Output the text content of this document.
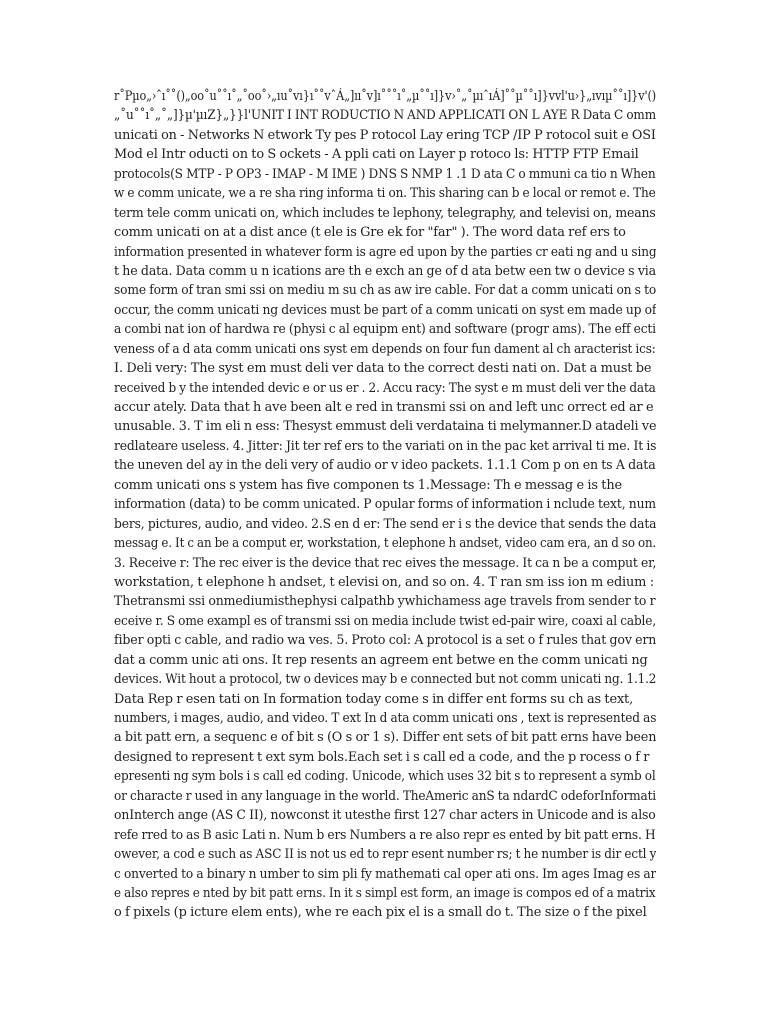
r˚Pµo„›ˆı˚˚()„oo˚u˚˚ı˚„˚oo˚›„ıu˚vı}ı˚˚vˆÁ„]ıı˚v]ı˚˚˚ı˚„µ˚˚ı]}v›˚„˚µıˆıÁ]˚˚µ˚˚ı]}vvl'u›}„ıvıµ˚˚ı]}v'()
„˚u˚˚ı˚„˚„]}µ'µıZ}„}}l'UNIT I INT RODUCTIO N AND APPLICATI ON L AYE R Data C omm
unicati on - Networks N etwork Ty pes P rotocol Lay ering TCP /IP P rotocol suit e OSI
Mod el Intr oducti on to S ockets - A ppli cati on Layer p rotoco ls: HTTP FTP Email
protocols(S MTP - P OP3 - IMAP - M IME ) DNS S NMP 1 .1 D ata C o mmuni ca tio n When
w e comm unicate, we a re sha ring informa ti on. This sharing can b e local or remot e. The
term tele comm unicati on, which includes te lephony, telegraphy, and televisi on, means
comm unicati on at a dist ance (t ele is Gre ek for "far" ). The word data ref ers to
information presented in whatever form is agre ed upon by the parties cr eati ng and u sing
t he data. Data comm u n ications are th e exch an ge of d ata betw een tw o device s via
some form of tran smi ssi on mediu m su ch as aw ire cable. For dat a comm unicati on s to
occur, the comm unicati ng devices must be part of a comm unicati on syst em made up of
a combi nat ion of hardwa re (physi c al equipm ent) and software (progr ams). The eff ecti
veness of a d ata comm unicati ons syst em depends on four fun dament al ch aracterist ics:
I. Deli very: The syst em must deli ver data to the correct desti nati on. Dat a must be
received b y the intended devic e or us er . 2. Accu racy: The syst e m must deli ver the data
accur ately. Data that h ave been alt e red in transmi ssi on and left unc orrect ed ar e
unusable. 3. T im eli n ess: Thesyst emmust deli verdataina ti melymanner.D atadeli ve
redlateare useless. 4. Jitter: Jit ter ref ers to the variati on in the pac ket arrival ti me. It is
the uneven del ay in the deli very of audio or v ideo packets. 1.1.1 Com p on en ts A data
comm unicati ons s ystem has five componen ts 1.Message: Th e messag e is the
information (data) to be comm unicated. P opular forms of information i nclude text, num
bers, pictures, audio, and video. 2.S en d er: The send er i s the device that sends the data
messag e. It c an be a comput er, workstation, t elephone h andset, video cam era, an d so on.
3. Receive r: The rec eiver is the device that rec eives the message. It ca n be a comput er,
workstation, t elephone h andset, t elevisi on, and so on. 4. T ran sm iss ion m edium :
Thetransmi ssi onmediumisthephysi calpathb ywhichamess age travels from sender to r
eceive r. S ome exampl es of transmi ssi on media include twist ed-pair wire, coaxi al cable,
fiber opti c cable, and radio wa ves. 5. Proto col: A protocol is a set o f rules that gov ern
dat a comm unic ati ons. It rep resents an agreem ent betwe en the comm unicati ng
devices. Wit hout a protocol, tw o devices may b e connected but not comm unicati ng. 1.1.2
Data Rep r esen tati on In formation today come s in differ ent forms su ch as text,
numbers, i mages, audio, and video. T ext In d ata comm unicati ons , text is represented as
a bit patt ern, a sequenc e of bit s (O s or 1 s). Differ ent sets of bit patt erns have been
designed to represent t ext sym bols.Each set i s call ed a code, and the p rocess o f r
epresenti ng sym bols i s call ed coding. Unicode, which uses 32 bit s to represent a symb ol
or characte r used in any language in the world. TheAmeric anS ta ndardC odeforInformati
onInterch ange (AS C II), nowconst it utesthe first 127 char acters in Unicode and is also
refe rred to as B asic Lati n. Num b ers Numbers a re also repr es ented by bit patt erns. H
owever, a cod e such as ASC II is not us ed to repr esent number rs; t he number is dir ectl y
c onverted to a binary n umber to sim pli fy mathemati cal oper ati ons. Im ages Imag es ar
e also repres e nted by bit patt erns. In it s simpl est form, an image is compos ed of a matrix
o f pixels (p icture elem ents), whe re each pix el is a small do t. The size o f the pixel
